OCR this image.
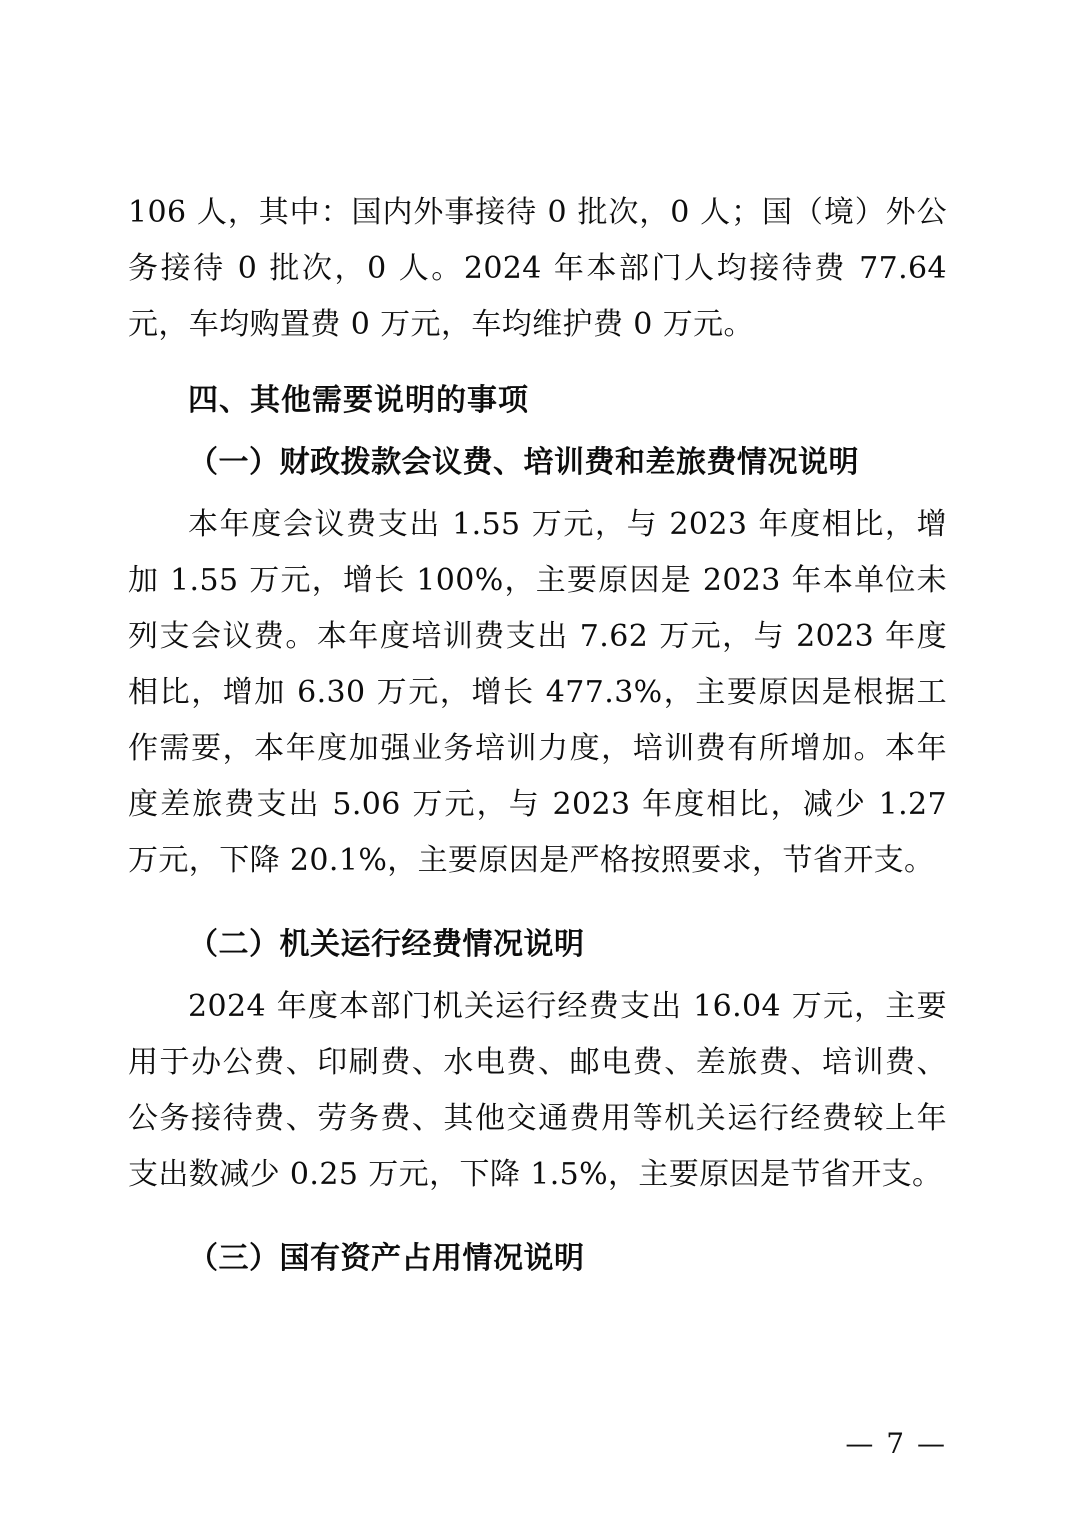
106 人，其中：国内外事接待 0 批次，0 人；国（境）外公务接待 0 批次，0 人。2024 年本部门人均接待费 77.64 元，车均购置费 0 万元，车均维护费 0 万元。

四、其他需要说明的事项
（一）财政拨款会议费、培训费和差旅费情况说明

本年度会议费支出 1.55 万元，与 2023 年度相比，增加 1.55 万元，增长 100%，主要原因是 2023 年本单位未列支会议费。本年度培训费支出 7.62 万元，与 2023 年度相比，增加 6.30 万元，增长 477.3%，主要原因是根据工作需要，本年度加强业务培训力度，培训费有所增加。本年度差旅费支出 5.06 万元，与 2023 年度相比，减少 1.27 万元，下降 20.1%，主要原因是严格按照要求，节省开支。

（二）机关运行经费情况说明

2024 年度本部门机关运行经费支出 16.04 万元，主要用于办公费、印刷费、水电费、邮电费、差旅费、培训费、公务接待费、劳务费、其他交通费用等机关运行经费较上年支出数减少 0.25 万元，下降 1.5%，主要原因是节省开支。

（三）国有资产占用情况说明
— 7 —
